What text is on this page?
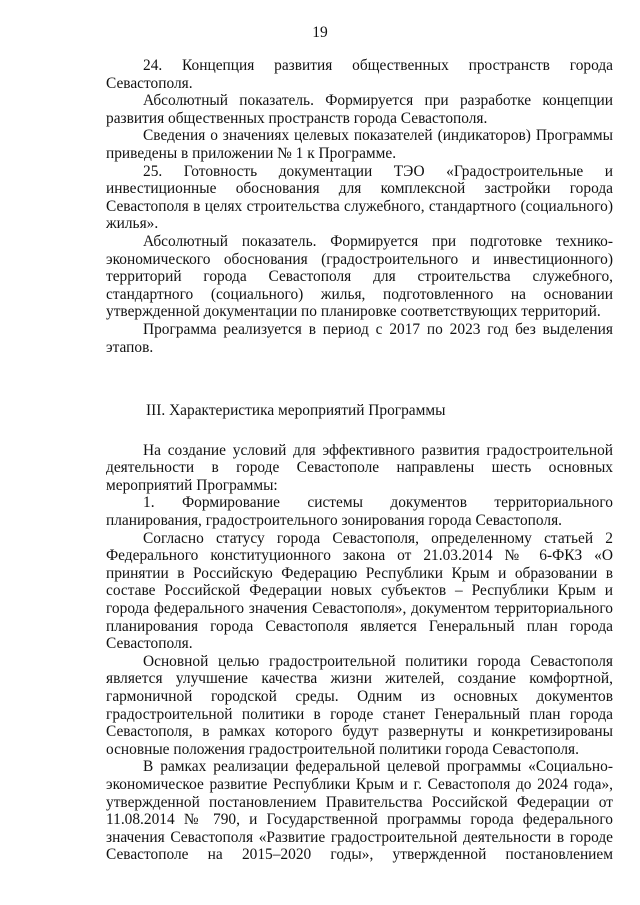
19

24. Концепция развития общественных пространств города Севастополя.

Абсолютный показатель. Формируется при разработке концепции развития общественных пространств города Севастополя.

Сведения о значениях целевых показателей (индикаторов) Программы приведены в приложении № 1 к Программе.

25. Готовность документации ТЭО «Градостроительные и инвестиционные обоснования для комплексной застройки города Севастополя в целях строительства служебного, стандартного (социального) жилья».

Абсолютный показатель. Формируется при подготовке технико-экономического обоснования (градостроительного и инвестиционного) территорий города Севастополя для строительства служебного, стандартного (социального) жилья, подготовленного на основании утвержденной документации по планировке соответствующих территорий.

Программа реализуется в период с 2017 по 2023 год без выделения этапов.

III. Характеристика мероприятий Программы

На создание условий для эффективного развития градостроительной деятельности в городе Севастополе направлены шесть основных мероприятий Программы:

1. Формирование системы документов территориального планирования, градостроительного зонирования города Севастополя.

Согласно статусу города Севастополя, определенному статьей 2 Федерального конституционного закона от 21.03.2014 № 6-ФКЗ «О принятии в Российскую Федерацию Республики Крым и образовании в составе Российской Федерации новых субъектов – Республики Крым и города федерального значения Севастополя», документом территориального планирования города Севастополя является Генеральный план города Севастополя.

Основной целью градостроительной политики города Севастополя является улучшение качества жизни жителей, создание комфортной, гармоничной городской среды. Одним из основных документов градостроительной политики в городе станет Генеральный план города Севастополя, в рамках которого будут развернуты и конкретизированы основные положения градостроительной политики города Севастополя.

В рамках реализации федеральной целевой программы «Социально-экономическое развитие Республики Крым и г. Севастополя до 2024 года», утвержденной постановлением Правительства Российской Федерации от 11.08.2014 № 790, и Государственной программы города федерального значения Севастополя «Развитие градостроительной деятельности в городе Севастополе на 2015–2020 годы», утвержденной постановлением
